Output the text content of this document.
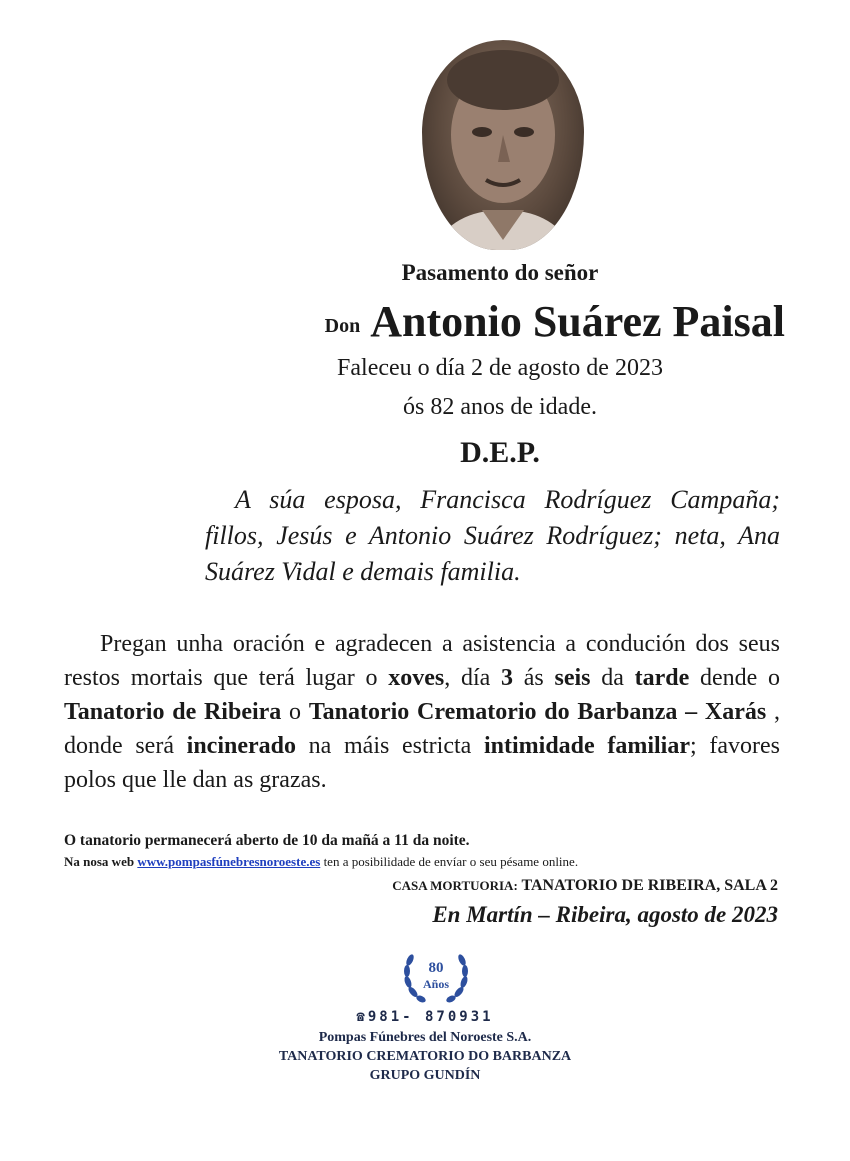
Pasamento do señor
Don Antonio Suárez Paisal
Faleceu o día 2 de agosto de 2023
ós 82 anos de idade.
D.E.P.
A súa esposa, Francisca Rodríguez Campaña; fillos, Jesús e Antonio Suárez Rodríguez; neta, Ana Suárez Vidal e demais familia.
Pregan unha oración e agradecen a asistencia a condución dos seus restos mortais que terá lugar o xoves, día 3 ás seis da tarde dende o Tanatorio de Ribeira o Tanatorio Crematorio do Barbanza – Xarás , donde será incinerado na máis estricta intimidade familiar; favores polos que lle dan as grazas.
O tanatorio permanecerá aberto de 10 da mañá a 11 da noite.
Na nosa web www.pompasfúnebresnoroeste.es ten a posibilidade de envíar o seu pésame online.
CASA MORTUORIA: TANATORIO DE RIBEIRA, SALA 2
En Martín – Ribeira, agosto de 2023
80
Años
☎981- 870931
Pompas Fúnebres del Noroeste S.A.
TANATORIO CREMATORIO DO BARBANZA
GRUPO GUNDÍN
